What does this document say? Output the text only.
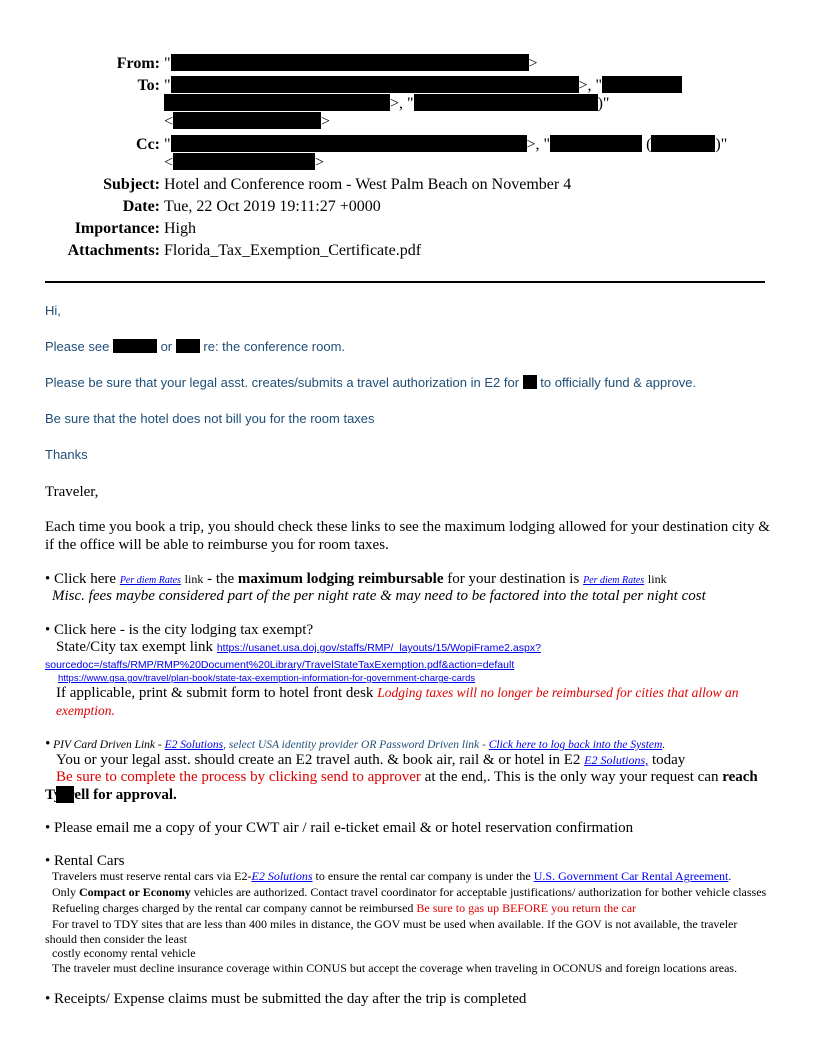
From: "	>
To: "	>, "
>, "	)"
<	>
Cc: "	>, "	(	)"
<	>
Subject: Hotel and Conference room - West Palm Beach on November 4
Date: Tue, 22 Oct 2019 19:11:27 +0000
Importance: High
Attachments: Florida_Tax_Exemption_Certificate.pdf
Hi,
Please see	or re: the conference room.
Please be sure that your legal asst. creates/submits a travel authorization in E2 for to officially fund & approve.
Be sure that the hotel does not bill you for the room taxes
Thanks
Traveler,
Each time you book a trip, you should check these links to see the maximum lodging allowed for your destination city & if the office will be able to reimburse you for room taxes.
• Click here Per diem Rates link - the maximum lodging reimbursable for your destination is Per diem Rates link
Misc. fees maybe considered part of the per night rate & may need to be factored into the total per night cost
• Click here - is the city lodging tax exempt?
State/City tax exempt link https://usanet.usa.doj.gov/staffs/RMP/_layouts/15/WopiFrame2.aspx?
sourcedoc=/staffs/RMP/RMP%20Document%20Library/TravelStateTaxExemption.pdf&action=default
https://www.gsa.gov/travel/plan-book/state-tax-exemption-information-for-government-charge-cards
If applicable, print & submit form to hotel front desk Lodging taxes will no longer be reimbursed for cities that allow an exemption.
• PIV Card Driven Link - E2 Solutions, select USA identity provider OR Password Driven link - Click here to log back into the System.
You or your legal asst. should create an E2 travel auth. & book air, rail & or hotel in E2 E2 Solutions, today
Be sure to complete the process by clicking send to approver at the end,. This is the only way your request can reach
Tyrrell for approval.
• Please email me a copy of your CWT air / rail e-ticket email & or hotel reservation confirmation
• Rental Cars
Travelers must reserve rental cars via E2-E2 Solutions to ensure the rental car company is under the U.S. Government Car Rental Agreement.
Only Compact or Economy vehicles are authorized. Contact travel coordinator for acceptable justifications/ authorization for bother vehicle classes
Refueling charges charged by the rental car company cannot be reimbursed Be sure to gas up BEFORE you return the car
For travel to TDY sites that are less than 400 miles in distance, the GOV must be used when available. If the GOV is not available, the traveler
should then consider the least
costly economy rental vehicle
The traveler must decline insurance coverage within CONUS but accept the coverage when traveling in OCONUS and foreign locations areas.
• Receipts/ Expense claims must be submitted the day after the trip is completed
